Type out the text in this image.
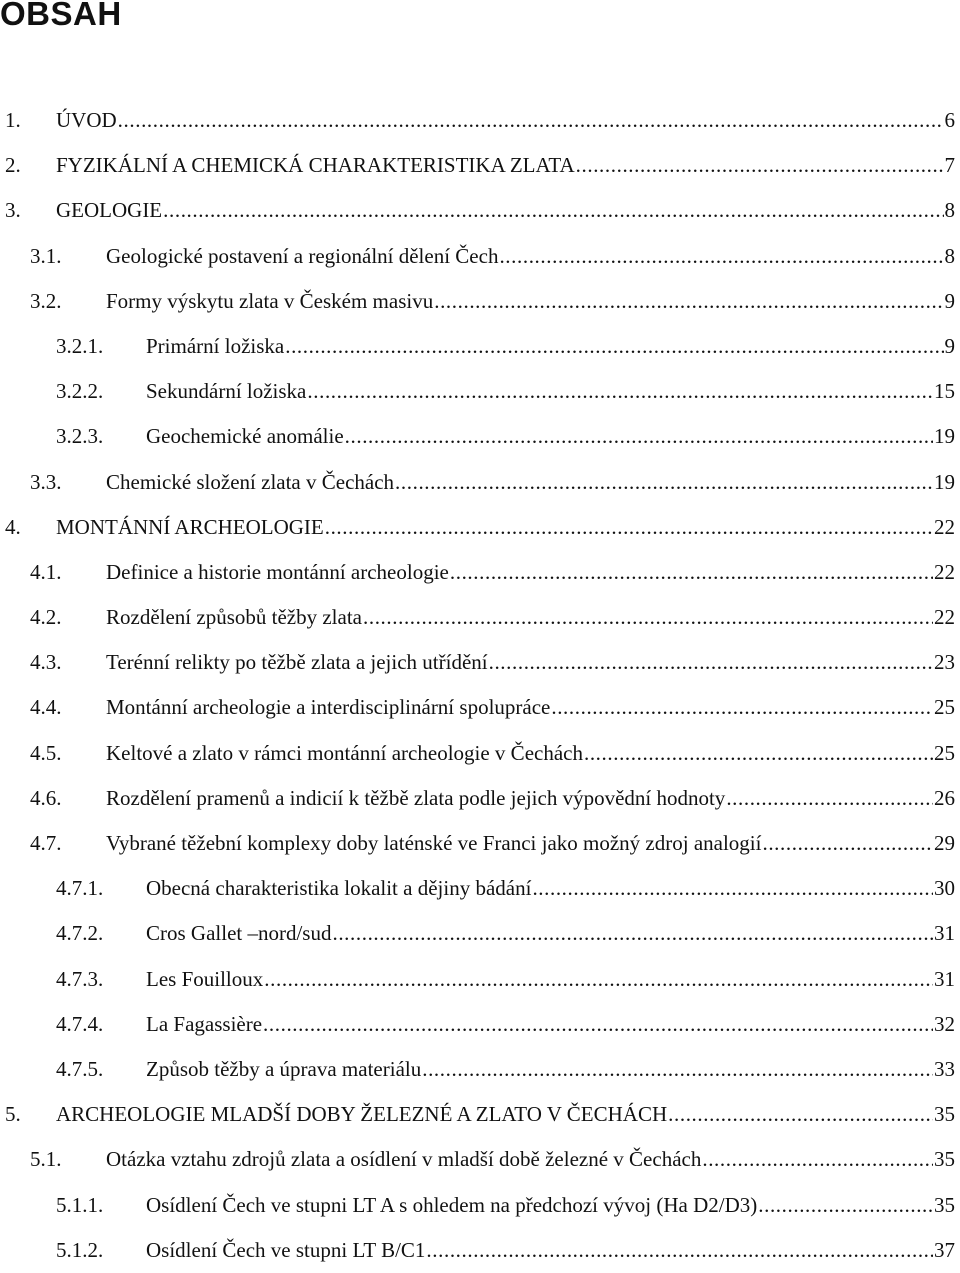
OBSAH
1. ÚVOD .....	6
2. FYZIKÁLNÍ A CHEMICKÁ CHARAKTERISTIKA ZLATA .....	7
3. GEOLOGIE .....	8
3.1. Geologické postavení a regionální dělení Čech .....	8
3.2. Formy výskytu zlata v Českém masivu .....	9
3.2.1. Primární ložiska .....	9
3.2.2. Sekundární ložiska .....	15
3.2.3. Geochemické anomálie .....	19
3.3. Chemické složení zlata v Čechách .....	19
4. MONTÁNNÍ ARCHEOLOGIE .....	22
4.1. Definice a historie montánní archeologie .....	22
4.2. Rozdělení způsobů těžby zlata .....	22
4.3. Terénní relikty po těžbě zlata a jejich utřídění .....	23
4.4. Montánní archeologie a interdisciplinární spolupráce .....	25
4.5. Keltové a zlato v rámci montánní archeologie v Čechách .....	25
4.6. Rozdělení pramenů a indicií k těžbě zlata podle jejich výpovědní hodnoty .....	26
4.7. Vybrané těžební komplexy doby laténské ve Franci jako možný zdroj analogií .....	29
4.7.1. Obecná charakteristika lokalit a dějiny bádání .....	30
4.7.2. Cros Gallet –nord/sud .....	31
4.7.3. Les Fouilloux .....	31
4.7.4. La Fagassière .....	32
4.7.5. Způsob těžby a úprava materiálu .....	33
5. ARCHEOLOGIE MLADŠÍ DOBY ŽELEZNÉ A ZLATO V ČECHÁCH .....	35
5.1. Otázka vztahu zdrojů zlata a osídlení v mladší době železné v Čechách .....	35
5.1.1. Osídlení Čech ve stupni LT A s ohledem na předchozí vývoj (Ha D2/D3) .....	35
5.1.2. Osídlení Čech ve stupni LT B/C1 .....	37
